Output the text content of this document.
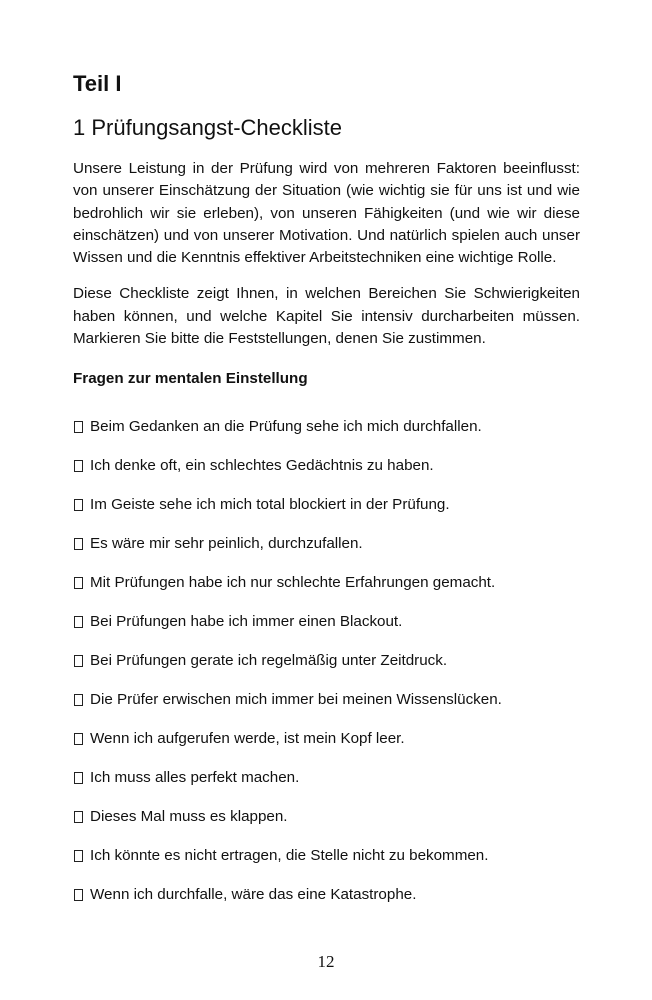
Teil I
1 Prüfungsangst-Checkliste

Unsere Leistung in der Prüfung wird von mehreren Faktoren beeinflusst: von unserer Einschätzung der Situation (wie wichtig sie für uns ist und wie bedrohlich wir sie erleben), von unseren Fähigkeiten (und wie wir diese einschätzen) und von unserer Motivation. Und natürlich spielen auch unser Wissen und die Kenntnis effektiver Arbeitstechniken eine wichtige Rolle.

Diese Checkliste zeigt Ihnen, in welchen Bereichen Sie Schwierigkeiten haben können, und welche Kapitel Sie intensiv durcharbeiten müssen. Markieren Sie bitte die Feststellungen, denen Sie zustimmen.

Fragen zur mentalen Einstellung
Beim Gedanken an die Prüfung sehe ich mich durchfallen.
Ich denke oft, ein schlechtes Gedächtnis zu haben.
Im Geiste sehe ich mich total blockiert in der Prüfung.
Es wäre mir sehr peinlich, durchzufallen.
Mit Prüfungen habe ich nur schlechte Erfahrungen gemacht.
Bei Prüfungen habe ich immer einen Blackout.
Bei Prüfungen gerate ich regelmäßig unter Zeitdruck.
Die Prüfer erwischen mich immer bei meinen Wissenslücken.
Wenn ich aufgerufen werde, ist mein Kopf leer.
Ich muss alles perfekt machen.
Dieses Mal muss es klappen.
Ich könnte es nicht ertragen, die Stelle nicht zu bekommen.
Wenn ich durchfalle, wäre das eine Katastrophe.
12
